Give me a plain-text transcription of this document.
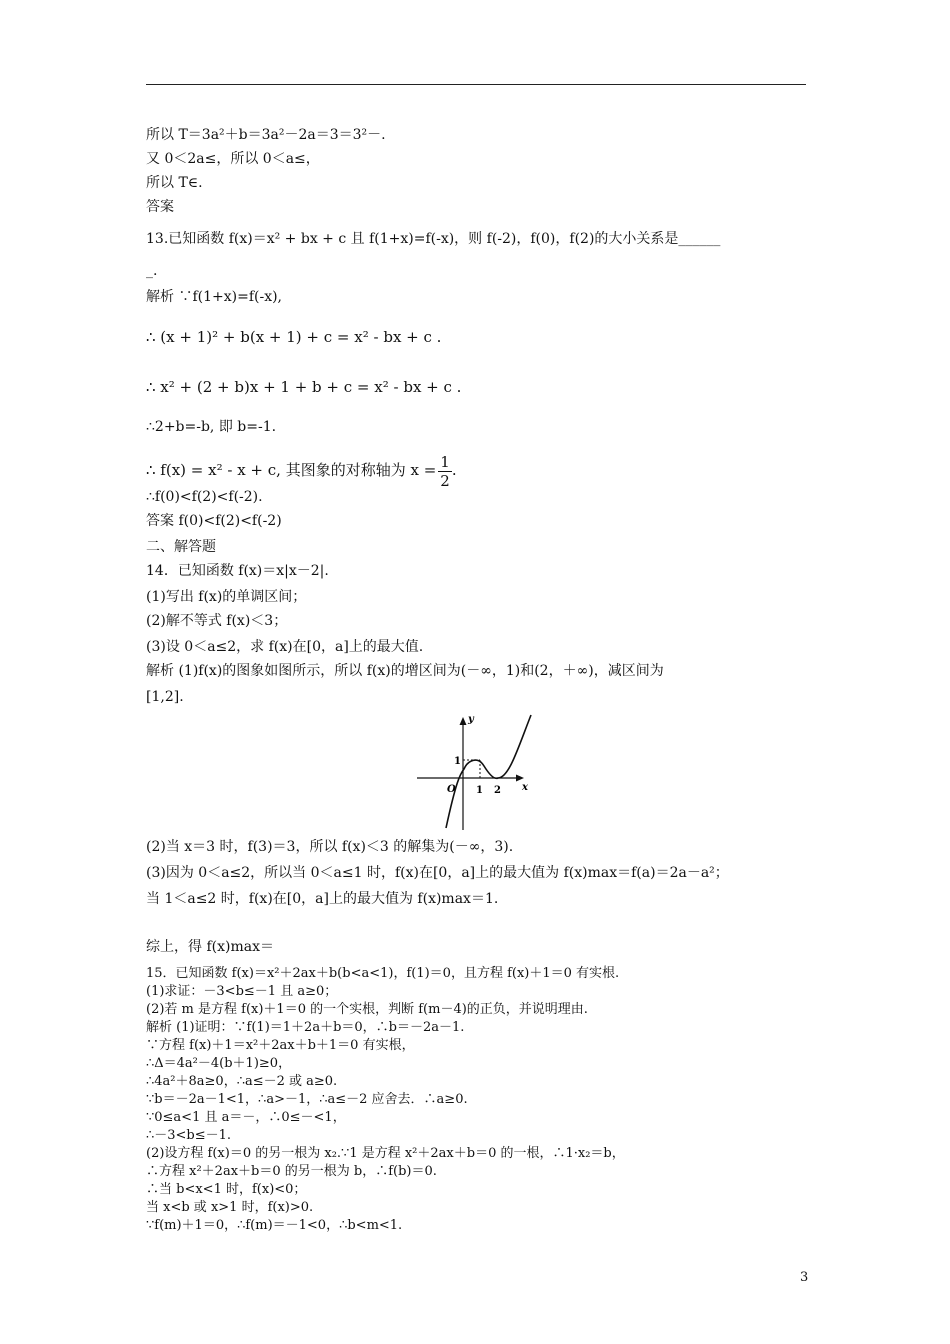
所以 T＝3a²＋b＝3a²－2a＝3＝3²－.
又 0＜2a≤，所以 0＜a≤，
所以 T∈.
答案
13.已知函数 f(x)＝x² + bx + c 且 f(1+x)=f(-x)，则 f(-2)，f(0)，f(2)的大小关系是______
_.
解析 ∵f(1+x)=f(-x),
∴ (x + 1)² + b(x + 1) + c = x² - bx + c .
∴ x² + (2 + b)x + 1 + b + c = x² - bx + c .
∴2+b=-b, 即 b=-1.
∴ f(x) = x² - x + c, 其图象的对称轴为 $x = \frac{1}{2}$ .
∴f(0)<f(2)<f(-2).
答案 f(0)<f(2)<f(-2)
二、解答题
14．已知函数 f(x)＝x|x－2|.
(1)写出 f(x)的单调区间；
(2)解不等式 f(x)＜3；
(3)设 0＜a≤2，求 f(x)在[0，a]上的最大值.
解析 (1)f(x)的图象如图所示，所以 f(x)的增区间为(－∞，1)和(2，＋∞)，减区间为
[1,2].
y
x
O 1 2
1
(2)当 x＝3 时，f(3)＝3，所以 f(x)＜3 的解集为(－∞，3).
(3)因为 0＜a≤2，所以当 0＜a≤1 时，f(x)在[0，a]上的最大值为 f(x)max＝f(a)＝2a－a²；
当 1＜a≤2 时，f(x)在[0，a]上的最大值为 f(x)max＝1.
综上，得 f(x)max＝
15．已知函数 f(x)＝x²＋2ax＋b(b<a<1)，f(1)＝0，且方程 f(x)＋1＝0 有实根.
(1)求证：－3<b≤－1 且 a≥0；
(2)若 m 是方程 f(x)＋1＝0 的一个实根，判断 f(m－4)的正负，并说明理由.
解析 (1)证明：∵f(1)＝1＋2a＋b＝0，∴b＝－2a－1.
∵方程 f(x)＋1＝x²＋2ax＋b＋1＝0 有实根，
∴Δ＝4a²－4(b＋1)≥0，
∴4a²＋8a≥0，∴a≤－2 或 a≥0.
∵b＝－2a－1<1，∴a>－1，∴a≤－2 应舍去．∴a≥0.
∵0≤a<1 且 a＝－，∴0≤－<1，
∴－3<b≤－1.
(2)设方程 f(x)＝0 的另一根为 x₂.∵1 是方程 x²＋2ax＋b＝0 的一根，∴1·x₂＝b，
∴方程 x²＋2ax＋b＝0 的另一根为 b，∴f(b)＝0.
∴当 b<x<1 时，f(x)<0；
当 x<b 或 x>1 时，f(x)>0.
∵f(m)＋1＝0，∴f(m)＝－1<0，∴b<m<1.
3
